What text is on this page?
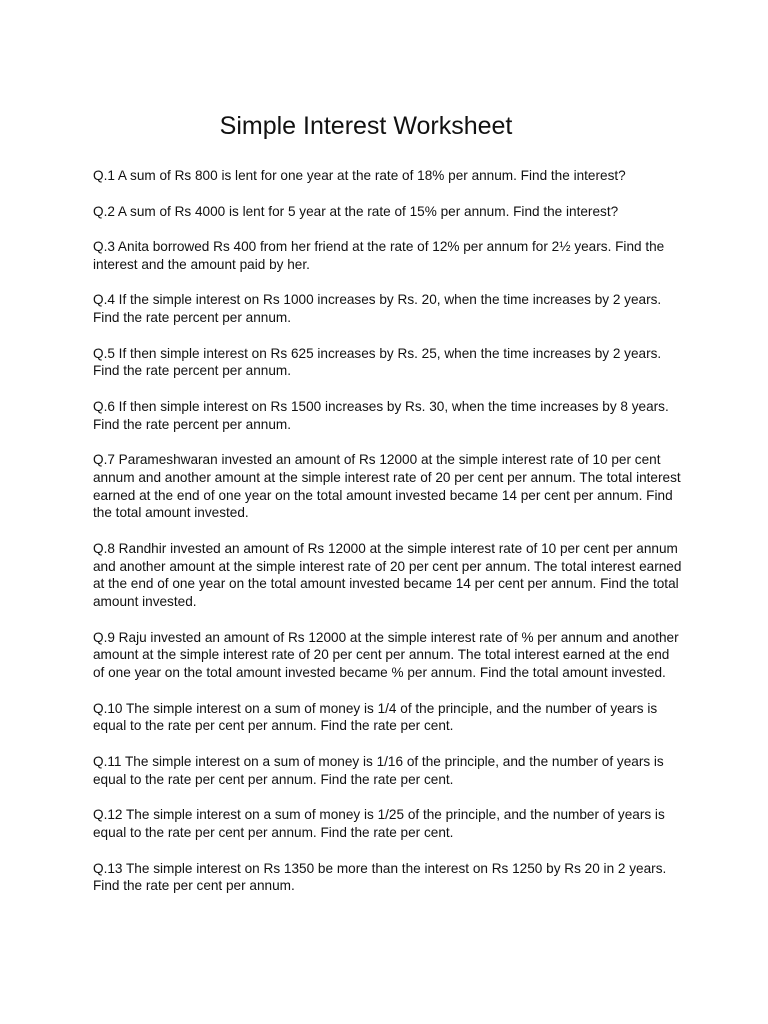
Simple Interest Worksheet
Q.1 A sum of Rs 800 is lent for one year at the rate of 18% per annum. Find the interest?
Q.2 A sum of Rs 4000 is lent for 5 year at the rate of 15% per annum. Find the interest?
Q.3 Anita borrowed Rs 400 from her friend at the rate of 12% per annum for 2½ years. Find the interest and the amount paid by her.
Q.4 If the simple interest on Rs 1000 increases by Rs. 20, when the time increases by 2 years. Find the rate percent per annum.
Q.5 If then simple interest on Rs 625 increases by Rs. 25, when the time increases by 2 years. Find the rate percent per annum.
Q.6 If then simple interest on Rs 1500 increases by Rs. 30, when the time increases by 8 years. Find the rate percent per annum.
Q.7 Parameshwaran invested an amount of Rs 12000 at the simple interest rate of 10 per cent annum and another amount at the simple interest rate of 20 per cent per annum. The total interest earned at the end of one year on the total amount invested became 14 per cent per annum. Find the total amount invested.
Q.8 Randhir invested an amount of Rs 12000 at the simple interest rate of 10 per cent per annum and another amount at the simple interest rate of 20 per cent per annum. The total interest earned at the end of one year on the total amount invested became 14 per cent per annum. Find the total amount invested.
Q.9 Raju invested an amount of Rs 12000 at the simple interest rate of % per annum and another amount at the simple interest rate of 20 per cent per annum. The total interest earned at the end of one year on the total amount invested became % per annum. Find the total amount invested.
Q.10 The simple interest on a sum of money is 1/4 of the principle, and the number of years is equal to the rate per cent per annum. Find the rate per cent.
Q.11 The simple interest on a sum of money is 1/16 of the principle, and the number of years is equal to the rate per cent per annum. Find the rate per cent.
Q.12 The simple interest on a sum of money is 1/25 of the principle, and the number of years is equal to the rate per cent per annum. Find the rate per cent.
Q.13 The simple interest on Rs 1350 be more than the interest on Rs 1250 by Rs 20 in 2 years. Find the rate per cent per annum.
